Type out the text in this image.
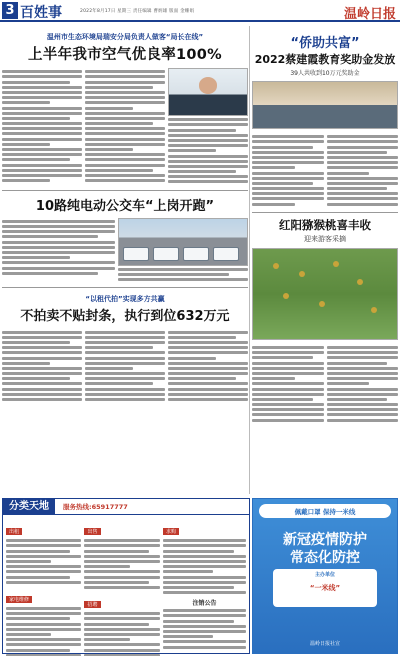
3 百姓事	2022年8月17日 星期三 责任编辑 曹炳雄 版面 金姗娟	温岭日报
温州市生态环境局瑞安分局负责人做客“局长在线”
上半年我市空气优良率100%
10路纯电动公交车“上岗开跑”
“以租代拍”实现多方共赢
不拍卖不贴封条，执行到位632万元
“侨助共富”
2022蔡建霞教育奖助金发放
39人共收到10万元奖助金
红阳猕猴桃喜丰收
迎来游客采摘
分类天地	服务热线:65917777
出租
家电维修
出售
招聘
求购
注销公告
佩戴口罩 保持一米线
新冠疫情防护
常态化防控
主办单位
“一米线”
温岭日报社宣
